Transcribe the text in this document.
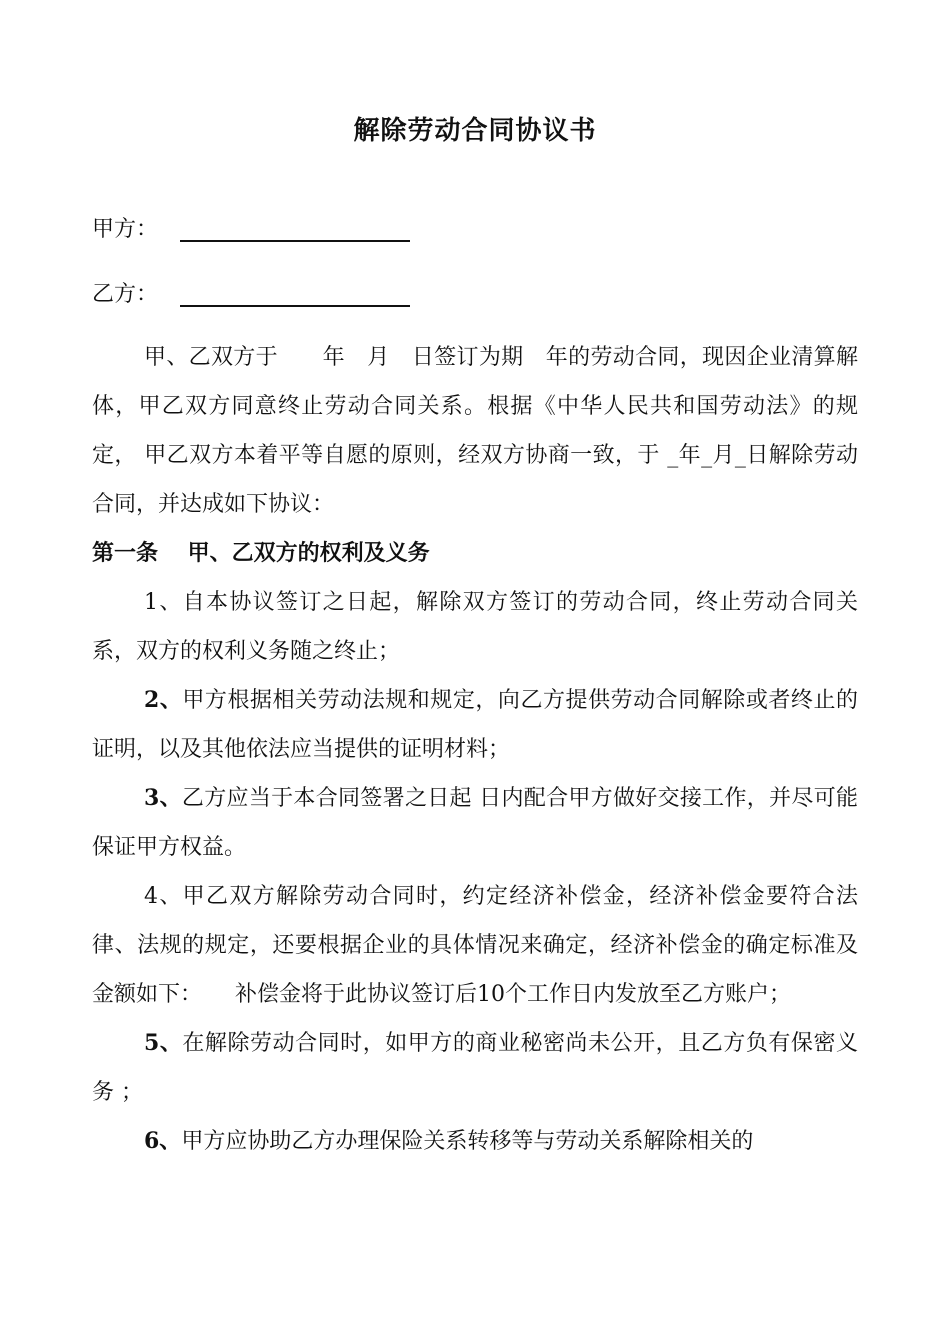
解除劳动合同协议书
甲方：
乙方：

甲、乙双方于　　年　月　日签订为期　年的劳动合同，现因企业清算解体，甲乙双方同意终止劳动合同关系。根据《中华人民共和国劳动法》的规定， 甲乙双方本着平等自愿的原则，经双方协商一致，于 _年_月_日解除劳动合同，并达成如下协议：

第一条　 甲、乙双方的权利及义务

1、自本协议签订之日起，解除双方签订的劳动合同，终止劳动合同关系，双方的权利义务随之终止；

2、甲方根据相关劳动法规和规定，向乙方提供劳动合同解除或者终止的证明，以及其他依法应当提供的证明材料；

3、乙方应当于本合同签署之日起 日内配合甲方做好交接工作，并尽可能保证甲方权益。

4、甲乙双方解除劳动合同时，约定经济补偿金，经济补偿金要符合法律、法规的规定，还要根据企业的具体情况来确定，经济补偿金的确定标准及金额如下：　　补偿金将于此协议签订后10个工作日内发放至乙方账户；

5、在解除劳动合同时，如甲方的商业秘密尚未公开，且乙方负有保密义务 ；

6、甲方应协助乙方办理保险关系转移等与劳动关系解除相关的
